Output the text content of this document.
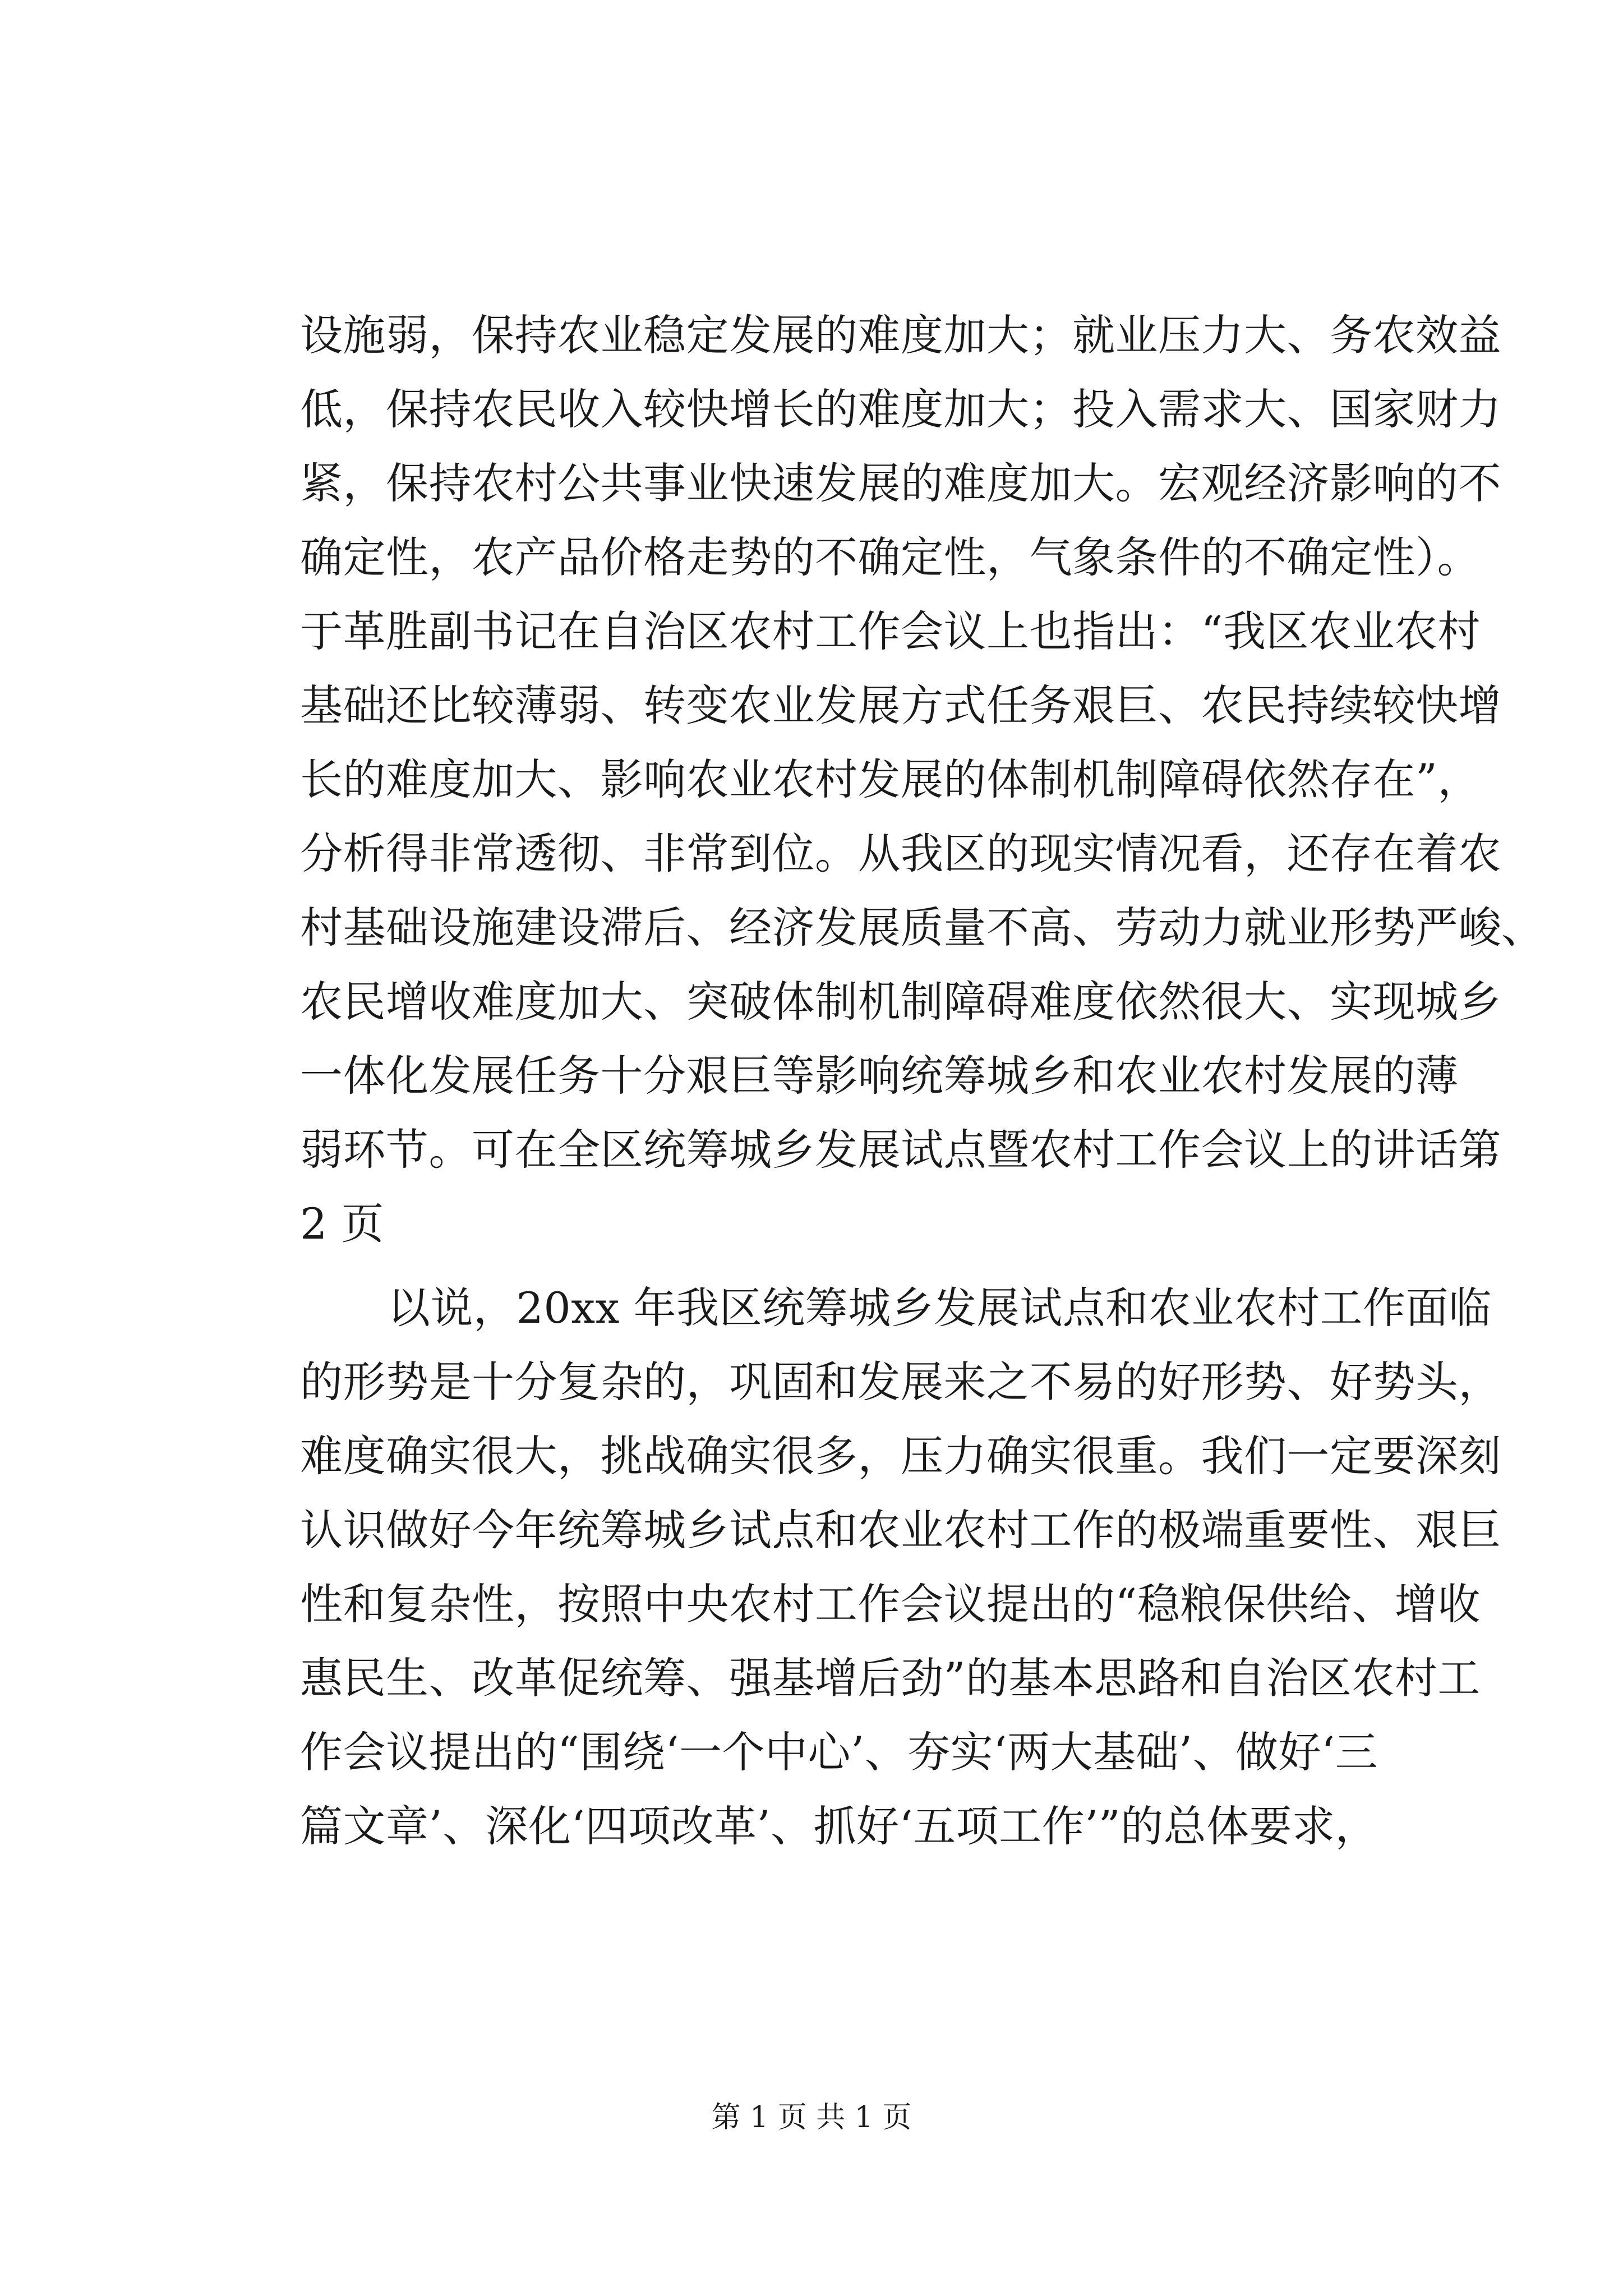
设施弱，保持农业稳定发展的难度加大；就业压力大、务农效益
低，保持农民收入较快增长的难度加大；投入需求大、国家财力
紧，保持农村公共事业快速发展的难度加大。宏观经济影响的不
确定性，农产品价格走势的不确定性，气象条件的不确定性）。
于革胜副书记在自治区农村工作会议上也指出：“我区农业农村
基础还比较薄弱、转变农业发展方式任务艰巨、农民持续较快增
长的难度加大、影响农业农村发展的体制机制障碍依然存在”，
分析得非常透彻、非常到位。从我区的现实情况看，还存在着农
村基础设施建设滞后、经济发展质量不高、劳动力就业形势严峻、
农民增收难度加大、突破体制机制障碍难度依然很大、实现城乡
一体化发展任务十分艰巨等影响统筹城乡和农业农村发展的薄
弱环节。可在全区统筹城乡发展试点暨农村工作会议上的讲话第
2 页
以说，20xx 年我区统筹城乡发展试点和农业农村工作面临
的形势是十分复杂的，巩固和发展来之不易的好形势、好势头，
难度确实很大，挑战确实很多，压力确实很重。我们一定要深刻
认识做好今年统筹城乡试点和农业农村工作的极端重要性、艰巨
性和复杂性，按照中央农村工作会议提出的“稳粮保供给、增收
惠民生、改革促统筹、强基增后劲”的基本思路和自治区农村工
作会议提出的“围绕‘一个中心’、夯实‘两大基础’、做好‘三
篇文章’、深化‘四项改革’、抓好‘五项工作’”的总体要求，
第 1 页 共 1 页
